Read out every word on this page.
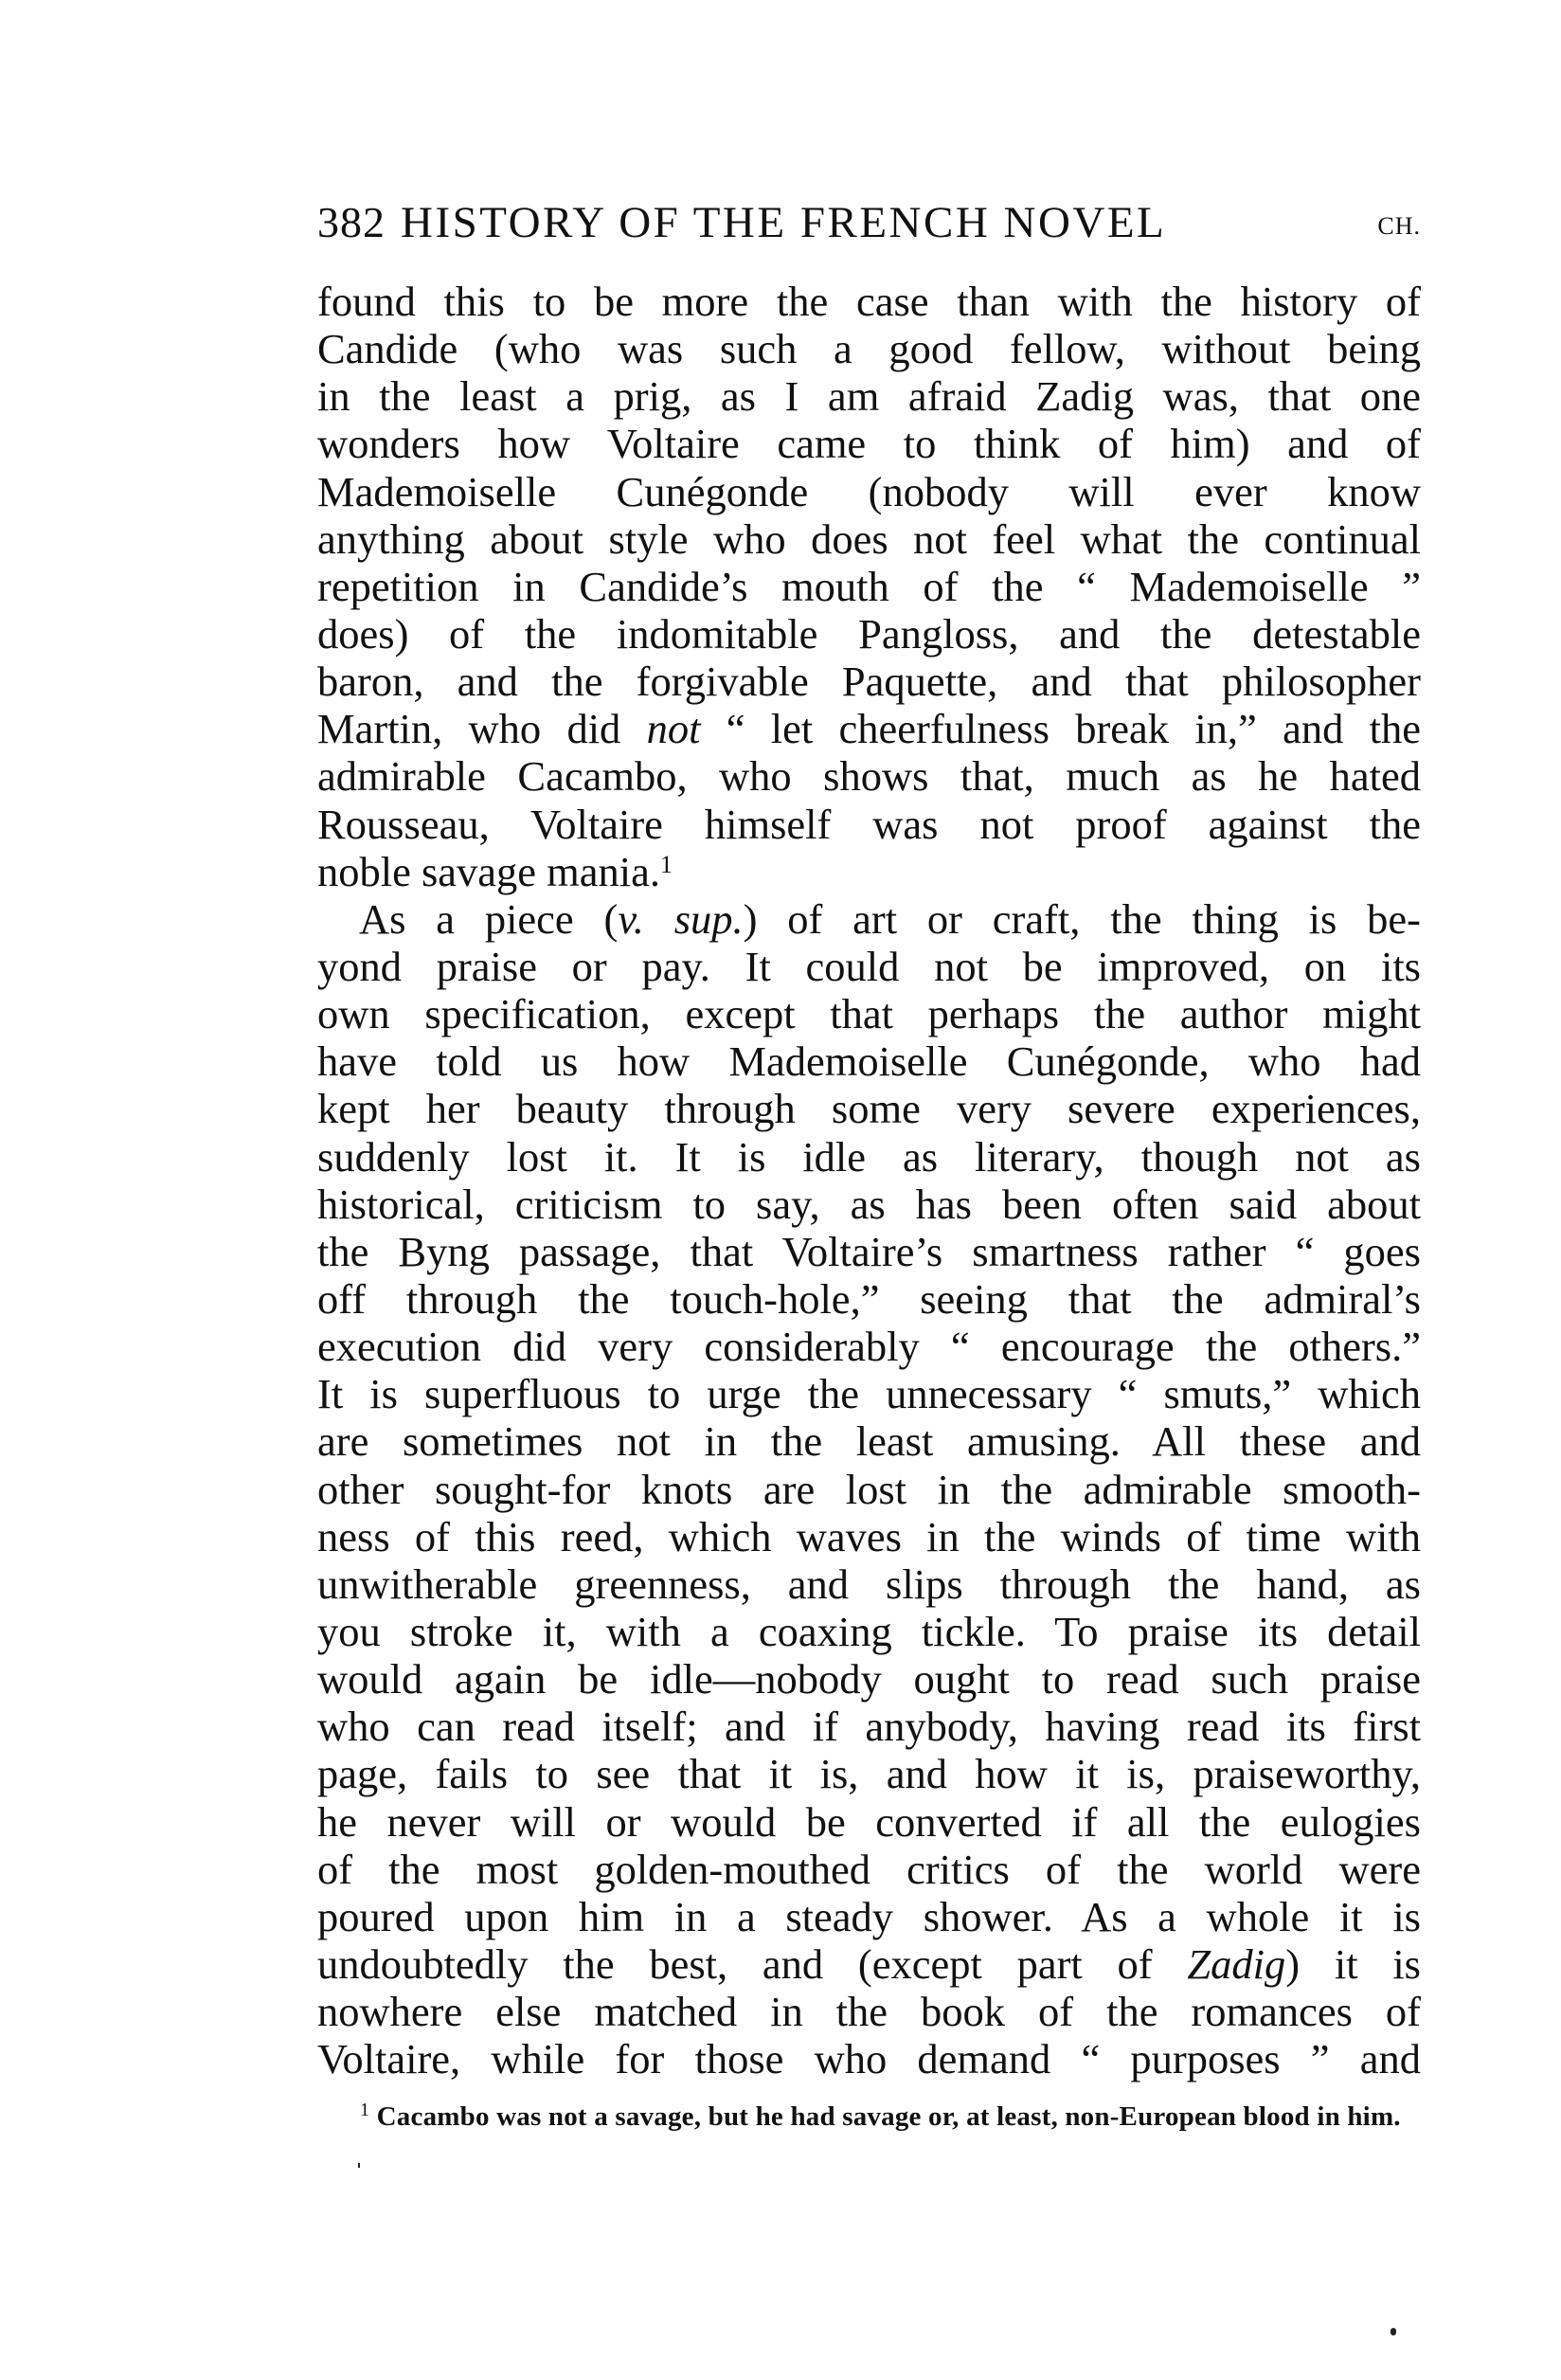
382 HISTORY OF THE FRENCH NOVEL	CH.
found this to be more the case than with the history of
Candide (who was such a good fellow, without being
in the least a prig, as I am afraid Zadig was, that one
wonders how Voltaire came to think of him) and of
Mademoiselle Cunégonde (nobody will ever know
anything about style who does not feel what the continual
repetition in Candide’s mouth of the “ Mademoiselle ”
does) of the indomitable Pangloss, and the detestable
baron, and the forgivable Paquette, and that philosopher
Martin, who did not “ let cheerfulness break in,” and the
admirable Cacambo, who shows that, much as he hated
Rousseau, Voltaire himself was not proof against the
noble savage mania.$^1$
As a piece (v. sup.) of art or craft, the thing is be-
yond praise or pay. It could not be improved, on its
own specification, except that perhaps the author might
have told us how Mademoiselle Cunégonde, who had
kept her beauty through some very severe experiences,
suddenly lost it. It is idle as literary, though not as
historical, criticism to say, as has been often said about
the Byng passage, that Voltaire’s smartness rather “ goes
off through the touch-hole,” seeing that the admiral’s
execution did very considerably “ encourage the others.”
It is superfluous to urge the unnecessary “ smuts,” which
are sometimes not in the least amusing. All these and
other sought-for knots are lost in the admirable smooth-
ness of this reed, which waves in the winds of time with
unwitherable greenness, and slips through the hand, as
you stroke it, with a coaxing tickle. To praise its detail
would again be idle—nobody ought to read such praise
who can read itself; and if anybody, having read its first
page, fails to see that it is, and how it is, praiseworthy,
he never will or would be converted if all the eulogies
of the most golden-mouthed critics of the world were
poured upon him in a steady shower. As a whole it is
undoubtedly the best, and (except part of Zadig) it is
nowhere else matched in the book of the romances of
Voltaire, while for those who demand “ purposes ” and
$^1$ Cacambo was not a savage, but he had savage or, at least, non-European blood in him.
